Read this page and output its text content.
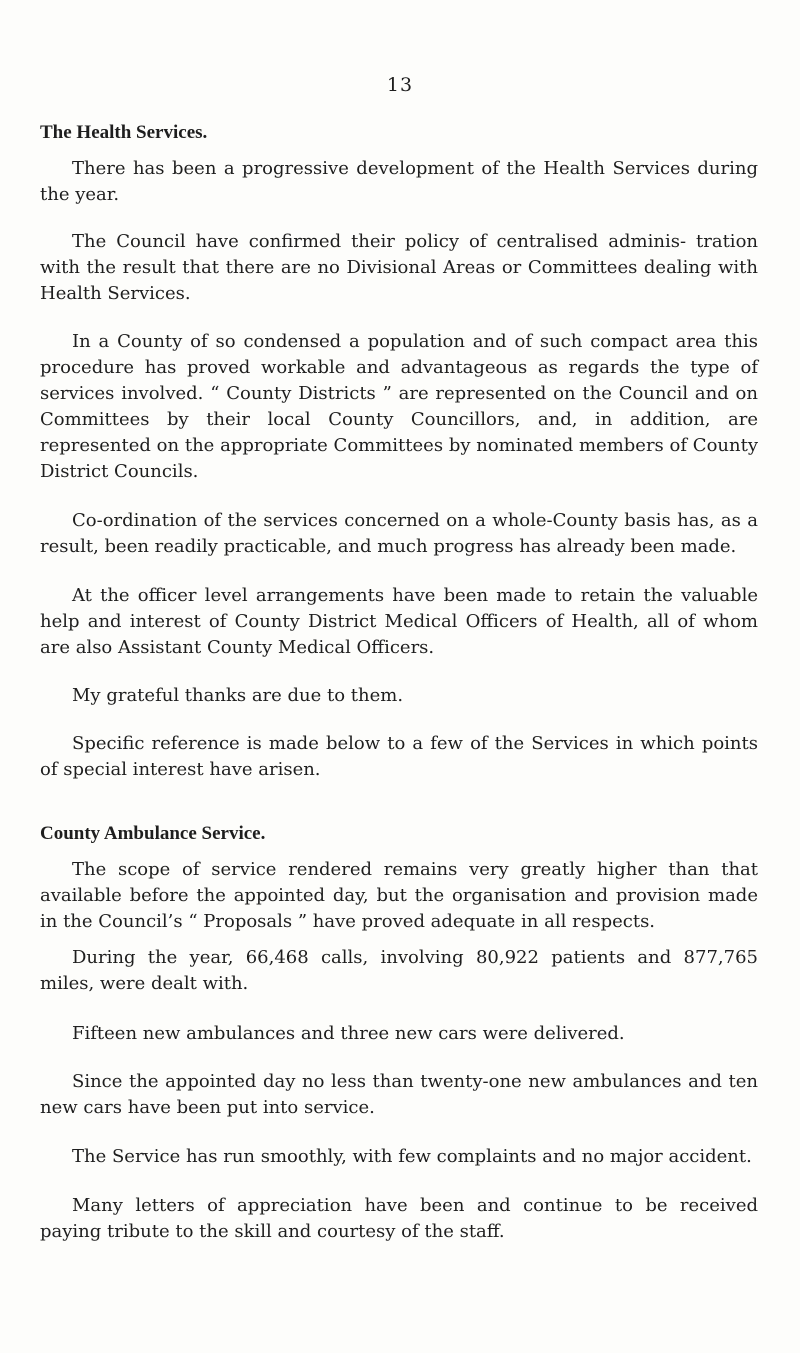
13
The Health Services.

There has been a progressive development of the Health Services during the year.

The Council have confirmed their policy of centralised adminis- tration with the result that there are no Divisional Areas or Committees dealing with Health Services.

In a County of so condensed a population and of such compact area this procedure has proved workable and advantageous as regards the type of services involved. “ County Districts ” are represented on the Council and on Committees by their local County Councillors, and, in addition, are represented on the appropriate Committees by nominated members of County District Councils.

Co-ordination of the services concerned on a whole-County basis has, as a result, been readily practicable, and much progress has already been made.

At the officer level arrangements have been made to retain the valuable help and interest of County District Medical Officers of Health, all of whom are also Assistant County Medical Officers.

My grateful thanks are due to them.

Specific reference is made below to a few of the Services in which points of special interest have arisen.

County Ambulance Service.

The scope of service rendered remains very greatly higher than that available before the appointed day, but the organisation and provision made in the Council’s “ Proposals ” have proved adequate in all respects.

During the year, 66,468 calls, involving 80,922 patients and 877,765 miles, were dealt with.

Fifteen new ambulances and three new cars were delivered.

Since the appointed day no less than twenty-one new ambulances and ten new cars have been put into service.

The Service has run smoothly, with few complaints and no major accident.

Many letters of appreciation have been and continue to be received paying tribute to the skill and courtesy of the staff.
